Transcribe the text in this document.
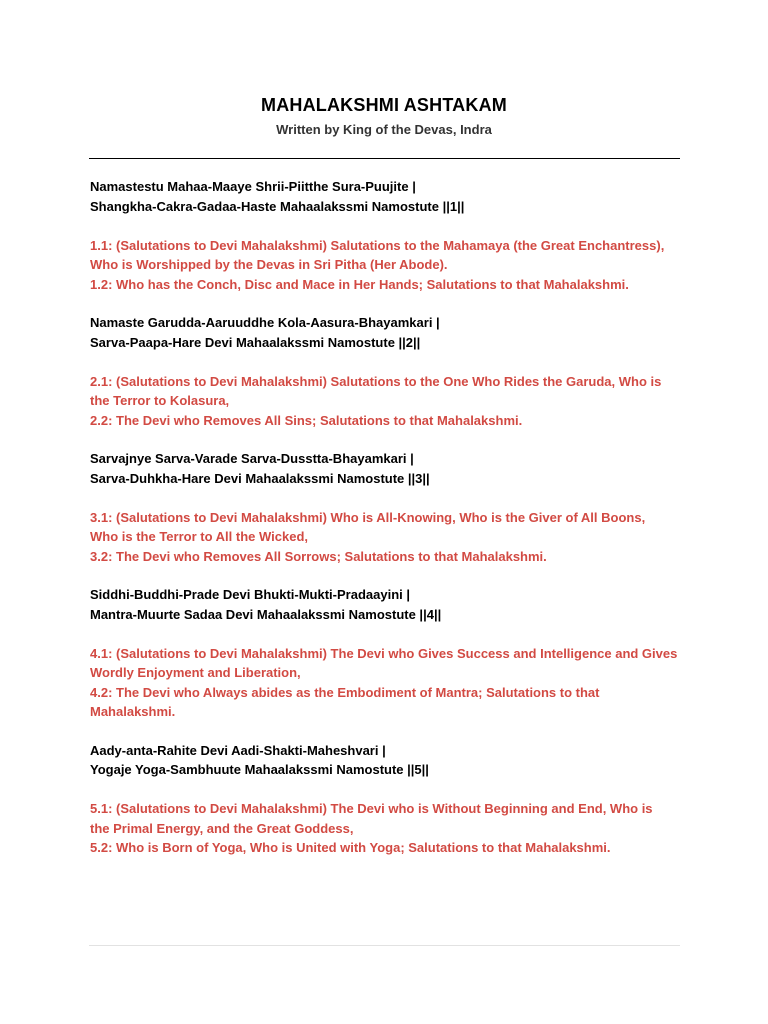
MAHALAKSHMI ASHTAKAM
Written by King of the Devas, Indra
Namastestu Mahaa-Maaye Shrii-Piitthe Sura-Puujite |
Shangkha-Cakra-Gadaa-Haste Mahaalakssmi Namostute ||1||
1.1: (Salutations to Devi Mahalakshmi) Salutations to the Mahamaya (the Great Enchantress),
Who is Worshipped by the Devas in Sri Pitha (Her Abode).
1.2: Who has the Conch, Disc and Mace in Her Hands; Salutations to that Mahalakshmi.
Namaste Garudda-Aaruuddhe Kola-Aasura-Bhayamkari |
Sarva-Paapa-Hare Devi Mahaalakssmi Namostute ||2||
2.1: (Salutations to Devi Mahalakshmi) Salutations to the One Who Rides the Garuda, Who is
the Terror to Kolasura,
2.2: The Devi who Removes All Sins; Salutations to that Mahalakshmi.
Sarvajnye Sarva-Varade Sarva-Dusstta-Bhayamkari |
Sarva-Duhkha-Hare Devi Mahaalakssmi Namostute ||3||
3.1: (Salutations to Devi Mahalakshmi) Who is All-Knowing, Who is the Giver of All Boons,
Who is the Terror to All the Wicked,
3.2: The Devi who Removes All Sorrows; Salutations to that Mahalakshmi.
Siddhi-Buddhi-Prade Devi Bhukti-Mukti-Pradaayini |
Mantra-Muurte Sadaa Devi Mahaalakssmi Namostute ||4||
4.1: (Salutations to Devi Mahalakshmi) The Devi who Gives Success and Intelligence and Gives
Wordly Enjoyment and Liberation,
4.2: The Devi who Always abides as the Embodiment of Mantra; Salutations to that
Mahalakshmi.
Aady-anta-Rahite Devi Aadi-Shakti-Maheshvari |
Yogaje Yoga-Sambhuute Mahaalakssmi Namostute ||5||
5.1: (Salutations to Devi Mahalakshmi) The Devi who is Without Beginning and End, Who is
the Primal Energy, and the Great Goddess,
5.2: Who is Born of Yoga, Who is United with Yoga; Salutations to that Mahalakshmi.
